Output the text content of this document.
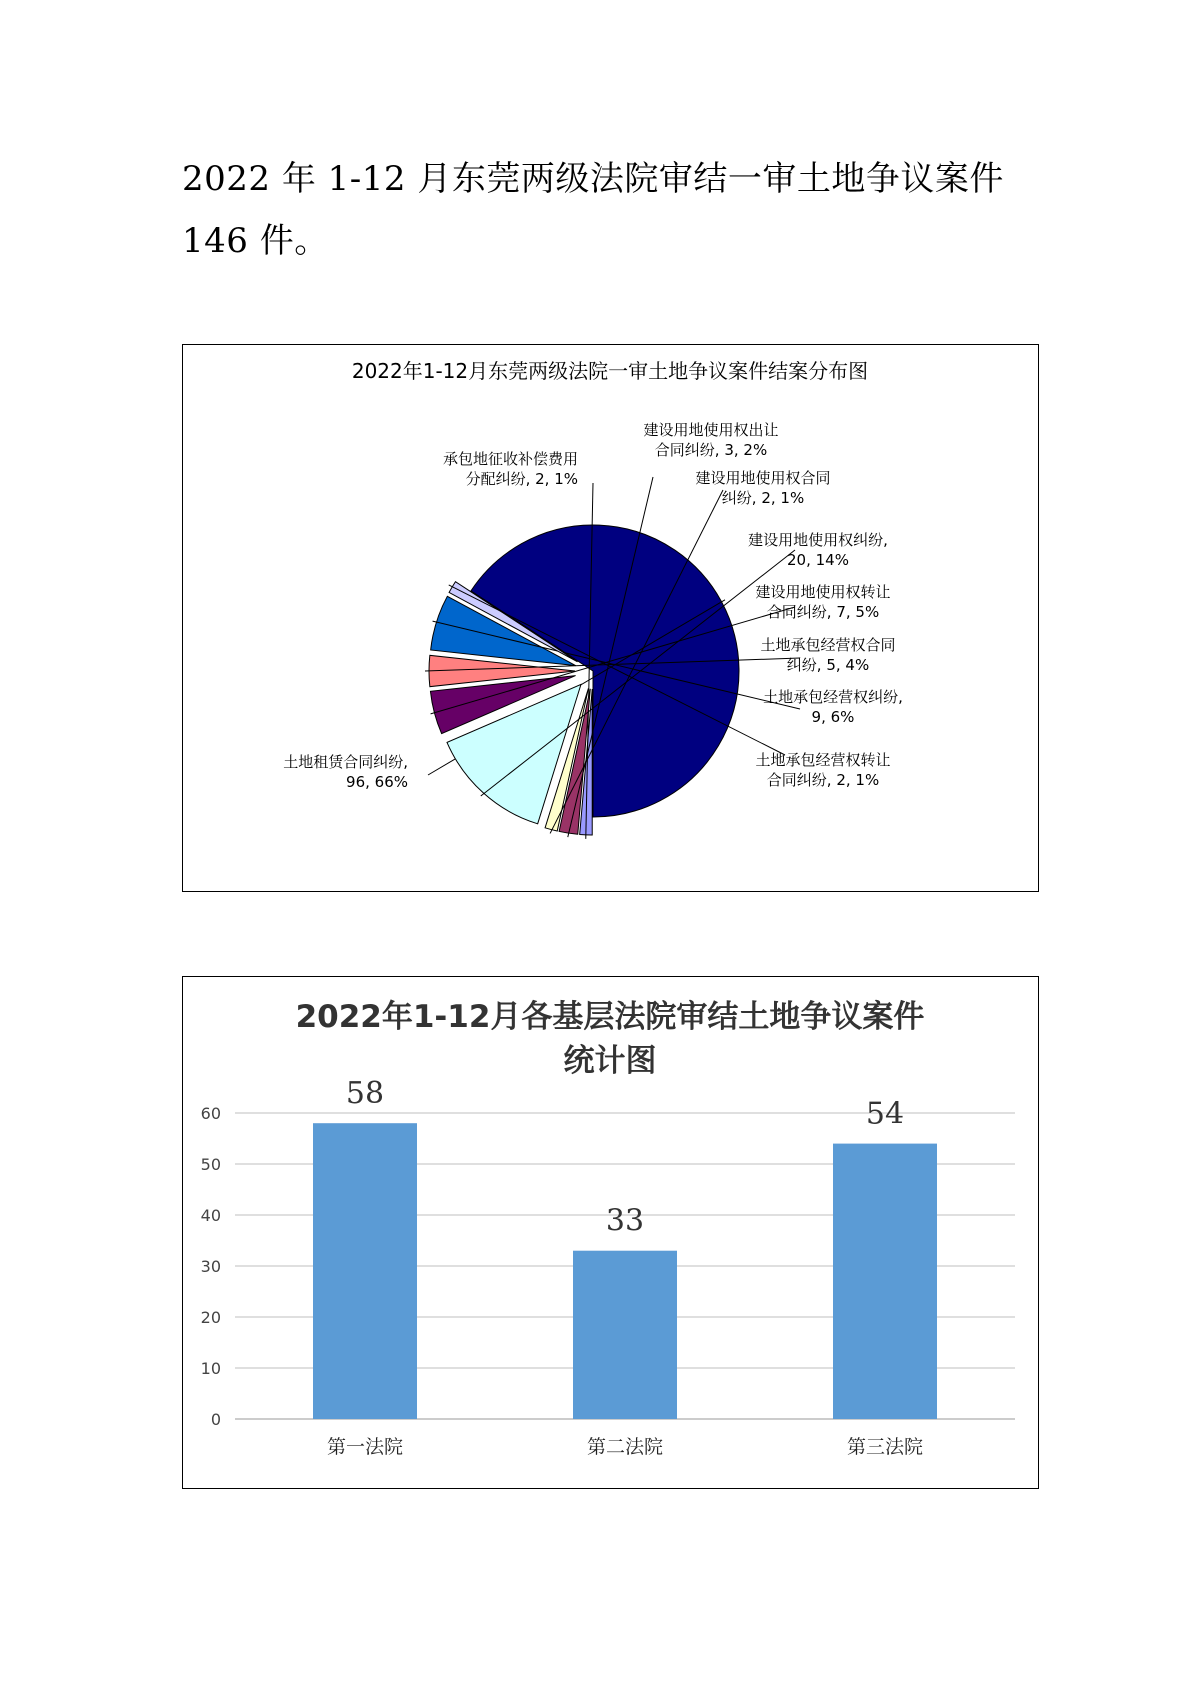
2022 年 1-12 月东莞两级法院审结一审土地争议案件
146 件。
2022年1-12月东莞两级法院一审土地争议案件结案分布图
土地租赁合同纠纷, 96, 66%
承包地征收补偿费用分配纠纷, 2, 1%
建设用地使用权出让合同纠纷, 3, 2%
建设用地使用权合同纠纷, 2, 1%
建设用地使用权纠纷, 20, 14%
建设用地使用权转让合同纠纷, 7, 5%
土地承包经营权合同纠纷, 5, 4%
土地承包经营权纠纷, 9, 6%
土地承包经营权转让合同纠纷, 2, 1%
2022年1-12月各基层法院审结土地争议案件
统计图
0
10
20
30
40
50
60
58
第一法院
33
第二法院
54
第三法院
